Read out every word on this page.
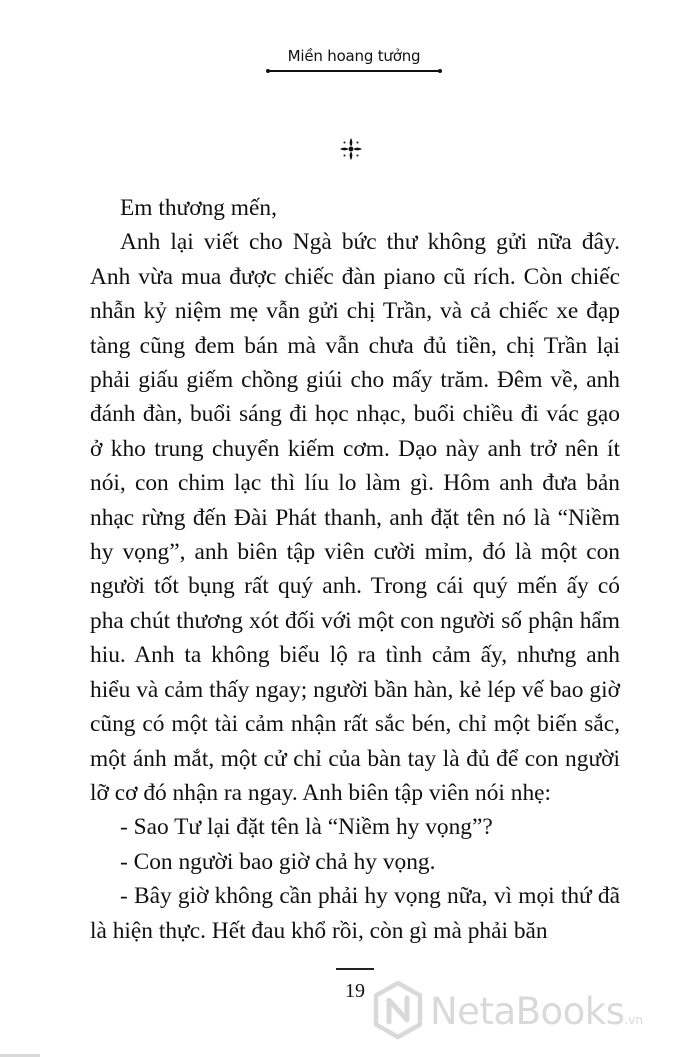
Miền hoang tưởng

Em thương mến,

Anh lại viết cho Ngà bức thư không gửi nữa đây. Anh vừa mua được chiếc đàn piano cũ rích. Còn chiếc nhẫn kỷ niệm mẹ vẫn gửi chị Trần, và cả chiếc xe đạp tàng cũng đem bán mà vẫn chưa đủ tiền, chị Trần lại phải giấu giếm chồng giúi cho mấy trăm. Đêm về, anh đánh đàn, buổi sáng đi học nhạc, buổi chiều đi vác gạo ở kho trung chuyển kiếm cơm. Dạo này anh trở nên ít nói, con chim lạc thì líu lo làm gì. Hôm anh đưa bản nhạc rừng đến Đài Phát thanh, anh đặt tên nó là “Niềm hy vọng”, anh biên tập viên cười mỉm, đó là một con người tốt bụng rất quý anh. Trong cái quý mến ấy có pha chút thương xót đối với một con người số phận hẩm hiu. Anh ta không biểu lộ ra tình cảm ấy, nhưng anh hiểu và cảm thấy ngay; người bần hàn, kẻ lép vế bao giờ cũng có một tài cảm nhận rất sắc bén, chỉ một biến sắc, một ánh mắt, một cử chỉ của bàn tay là đủ để con người lỡ cơ đó nhận ra ngay. Anh biên tập viên nói nhẹ:

- Sao Tư lại đặt tên là “Niềm hy vọng”?

- Con người bao giờ chả hy vọng.

- Bây giờ không cần phải hy vọng nữa, vì mọi thứ đã là hiện thực. Hết đau khổ rồi, còn gì mà phải băn

19	NetaBooks.vn
